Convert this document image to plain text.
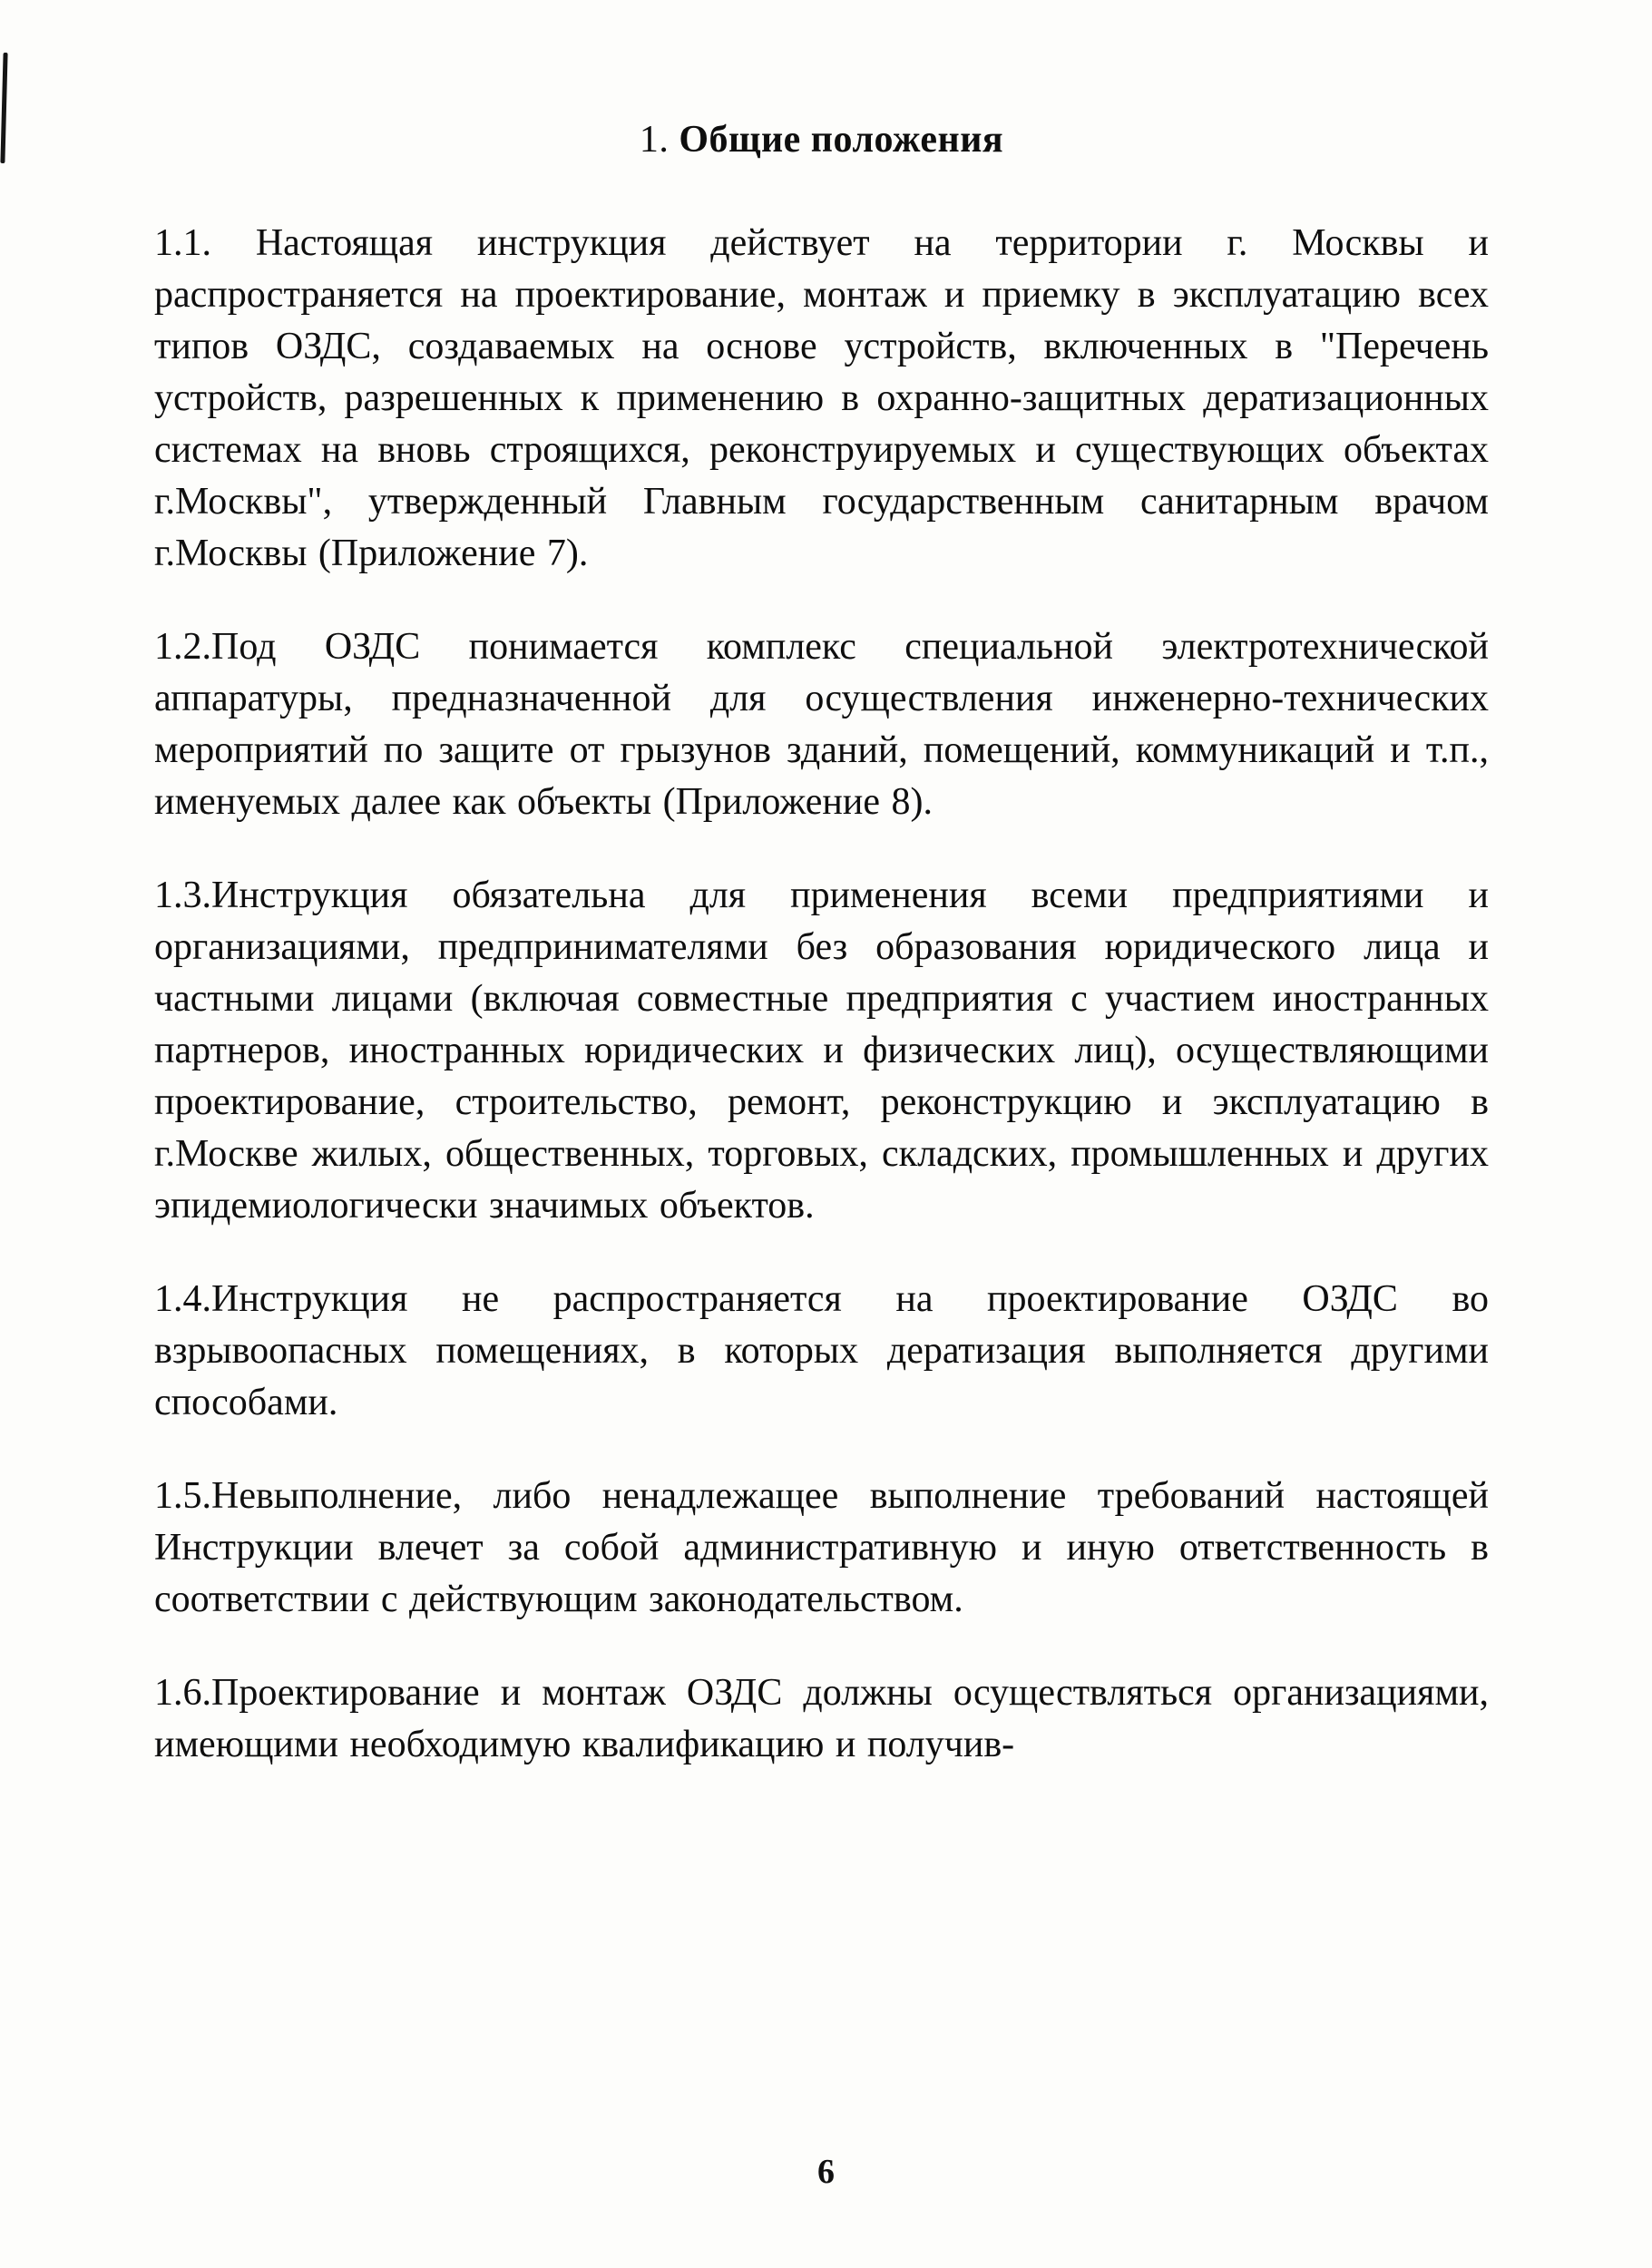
1. Общие положения

1.1. Настоящая инструкция действует на территории г. Москвы и распространяется на проектирование, монтаж и приемку в эксплуатацию всех типов ОЗДС, создаваемых на основе устройств, включенных в "Перечень устройств, разрешенных к применению в охранно-защитных дератизационных системах на вновь строящихся, реконструируемых и существующих объектах г.Москвы", утвержденный Главным государственным санитарным врачом г.Москвы (Приложение 7).

1.2.Под ОЗДС понимается комплекс специальной электротехнической аппаратуры, предназначенной для осуществления инженерно-технических мероприятий по защите от грызунов зданий, помещений, коммуникаций и т.п., именуемых далее как объекты (Приложение 8).

1.3.Инструкция обязательна для применения всеми предприятиями и организациями, предпринимателями без образования юридического лица и частными лицами (включая совместные предприятия с участием иностранных партнеров, иностранных юридических и физических лиц), осуществляющими проектирование, строительство, ремонт, реконструкцию и эксплуатацию в г.Москве жилых, общественных, торговых, складских, промышленных и других эпидемиологически значимых объектов.

1.4.Инструкция не распространяется на проектирование ОЗДС во взрывоопасных помещениях, в которых дератизация выполняется другими способами.

1.5.Невыполнение, либо ненадлежащее выполнение требований настоящей Инструкции влечет за собой административную и иную ответственность в соответствии с действующим законодательством.

1.6.Проектирование и монтаж ОЗДС должны осуществляться организациями, имеющими необходимую квалификацию и получив-

6
